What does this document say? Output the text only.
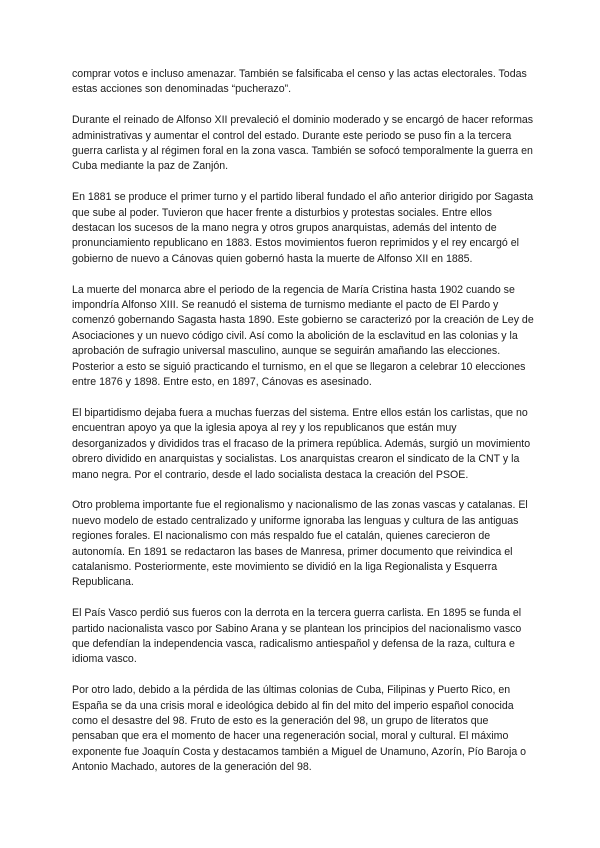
comprar votos e incluso amenazar. También se falsificaba el censo y las actas electorales. Todas estas acciones son denominadas “pucherazo”.

Durante el reinado de Alfonso XII prevaleció el dominio moderado y se encargó de hacer reformas administrativas y aumentar el control del estado. Durante este periodo se puso fin a la tercera guerra carlista y al régimen foral en la zona vasca. También se sofocó temporalmente la guerra en Cuba mediante la paz de Zanjón.

En 1881 se produce el primer turno y el partido liberal fundado el año anterior dirigido por Sagasta que sube al poder. Tuvieron que hacer frente a disturbios y protestas sociales. Entre ellos destacan los sucesos de la mano negra y otros grupos anarquistas, además del intento de pronunciamiento republicano en 1883. Estos movimientos fueron reprimidos y el rey encargó el gobierno de nuevo a Cánovas quien gobernó hasta la muerte de Alfonso XII en 1885.

La muerte del monarca abre el periodo de la regencia de María Cristina hasta 1902 cuando se impondría Alfonso XIII. Se reanudó el sistema de turnismo mediante el pacto de El Pardo y comenzó gobernando Sagasta hasta 1890. Este gobierno se caracterizó por la creación de Ley de Asociaciones y un nuevo código civil. Así como la abolición de la esclavitud en las colonias y la aprobación de sufragio universal masculino, aunque se seguirán amañando las elecciones. Posterior a esto se siguió practicando el turnismo, en el que se llegaron a celebrar 10 elecciones entre 1876 y 1898. Entre esto, en 1897, Cánovas es asesinado.

El bipartidismo dejaba fuera a muchas fuerzas del sistema. Entre ellos están los carlistas, que no encuentran apoyo ya que la iglesia apoya al rey y los republicanos que están muy desorganizados y divididos tras el fracaso de la primera república. Además, surgió un movimiento obrero dividido en anarquistas y socialistas. Los anarquistas crearon el sindicato de la CNT y la mano negra. Por el contrario, desde el lado socialista destaca la creación del PSOE.

Otro problema importante fue el regionalismo y nacionalismo de las zonas vascas y catalanas. El nuevo modelo de estado centralizado y uniforme ignoraba las lenguas y cultura de las antiguas regiones forales. El nacionalismo con más respaldo fue el catalán, quienes carecieron de autonomía. En 1891 se redactaron las bases de Manresa, primer documento que reivindica el catalanismo. Posteriormente, este movimiento se dividió en la liga Regionalista y Esquerra Republicana.

El País Vasco perdió sus fueros con la derrota en la tercera guerra carlista. En 1895 se funda el partido nacionalista vasco por Sabino Arana y se plantean los principios del nacionalismo vasco que defendían la independencia vasca, radicalismo antiespañol y defensa de la raza, cultura e idioma vasco.

Por otro lado, debido a la pérdida de las últimas colonias de Cuba, Filipinas y Puerto Rico, en España se da una crisis moral e ideológica debido al fin del mito del imperio español conocida como el desastre del 98. Fruto de esto es la generación del 98, un grupo de literatos que pensaban que era el momento de hacer una regeneración social, moral y cultural. El máximo exponente fue Joaquín Costa y destacamos también a Miguel de Unamuno, Azorín, Pío Baroja o Antonio Machado, autores de la generación del 98.
